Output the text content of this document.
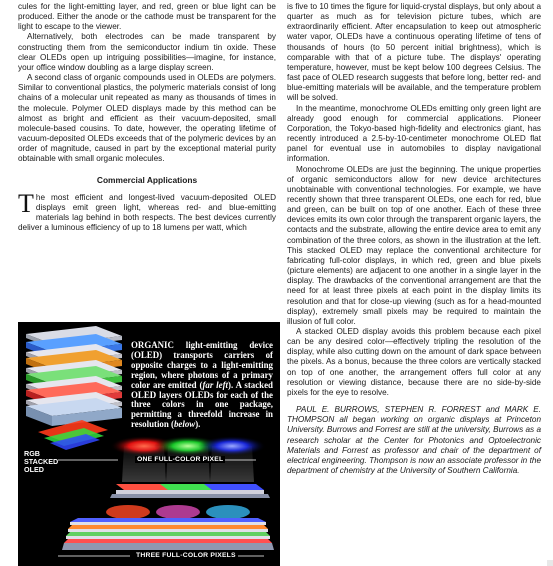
cules for the light-emitting layer, and red, green or blue light can be produced. Either the anode or the cathode must be transparent for the light to escape to the viewer.

Alternatively, both electrodes can be made transparent by constructing them from the semiconductor indium tin oxide. These clear OLEDs open up intriguing possibilities—imagine, for instance, your office window doubling as a large display screen.

A second class of organic compounds used in OLEDs are polymers. Similar to conventional plastics, the polymeric materials consist of long chains of a molecular unit repeated as many as thousands of times in the molecule. Polymer OLED displays made by this method can be almost as bright and efficient as their vacuum-deposited, small molecule-based cousins. To date, however, the operating lifetime of vacuum-deposited OLEDs exceeds that of the polymeric devices by an order of magnitude, caused in part by the exceptional material purity obtainable with small organic molecules.

Commercial Applications

The most efficient and longest-lived vacuum-deposited OLED displays emit green light, whereas red- and blue-emitting materials lag behind in both respects. The best devices currently deliver a luminous efficiency of up to 18 lumens per watt, which

is five to 10 times the figure for liquid-crystal displays, but only about a quarter as much as for television picture tubes, which are extraordinarily efficient. After encapsulation to keep out atmospheric water vapor, OLEDs have a continuous operating lifetime of tens of thousands of hours (to 50 percent initial brightness), which is comparable with that of a picture tube. The displays' operating temperature, however, must be kept below 100 degrees Celsius. The fast pace of OLED research suggests that before long, better red- and blue-emitting materials will be available, and the temperature problem will be solved.

In the meantime, monochrome OLEDs emitting only green light are already good enough for commercial applications. Pioneer Corporation, the Tokyo-based high-fidelity and electronics giant, has recently introduced a 2.5-by-10-centimeter monochrome OLED flat panel for eventual use in automobiles to display navigational information.

Monochrome OLEDs are just the beginning. The unique properties of organic semiconductors allow for new device architectures unobtainable with conventional technologies. For example, we have recently shown that three transparent OLEDs, one each for red, blue and green, can be built on top of one another. Each of these three devices emits its own color through the transparent organic layers, the contacts and the substrate, allowing the entire device area to emit any combination of the three colors, as shown in the illustration at the left. This stacked OLED may replace the conventional architecture for fabricating full-color displays, in which red, green and blue pixels (picture elements) are adjacent to one another in a single layer in the display. The drawbacks of the conventional arrangement are that the need for at least three pixels at each point in the display limits its resolution and that for close-up viewing (such as for a head-mounted display), extremely small pixels may be required to maintain the illusion of full color.

A stacked OLED display avoids this problem because each pixel can be any desired color—effectively tripling the resolution of the display, while also cutting down on the amount of dark space between the pixels. As a bonus, because the three colors are vertically stacked on top of one another, the arrangement offers full color at any resolution or viewing distance, because there are no side-by-side pixels for the eye to resolve.

PAUL E. BURROWS, STEPHEN R. FORREST and MARK E. THOMPSON all began working on organic displays at Princeton University. Burrows and Forrest are still at the university, Burrows as a research scholar at the Center for Photonics and Optoelectronic Materials and Forrest as professor and chair of the department of electrical engineering. Thompson is now an associate professor in the department of chemistry at the University of Southern California.

ORGANIC light-emitting device (OLED) transports carriers of opposite charges to a light-emitting region, where photons of a primary color are emitted (far left). A stacked OLED layers OLEDs for each of the three colors in one package, permitting a threefold increase in resolution (below).
RGB
STACKED
OLED
ONE FULL-COLOR PIXEL
THREE FULL-COLOR PIXELS
